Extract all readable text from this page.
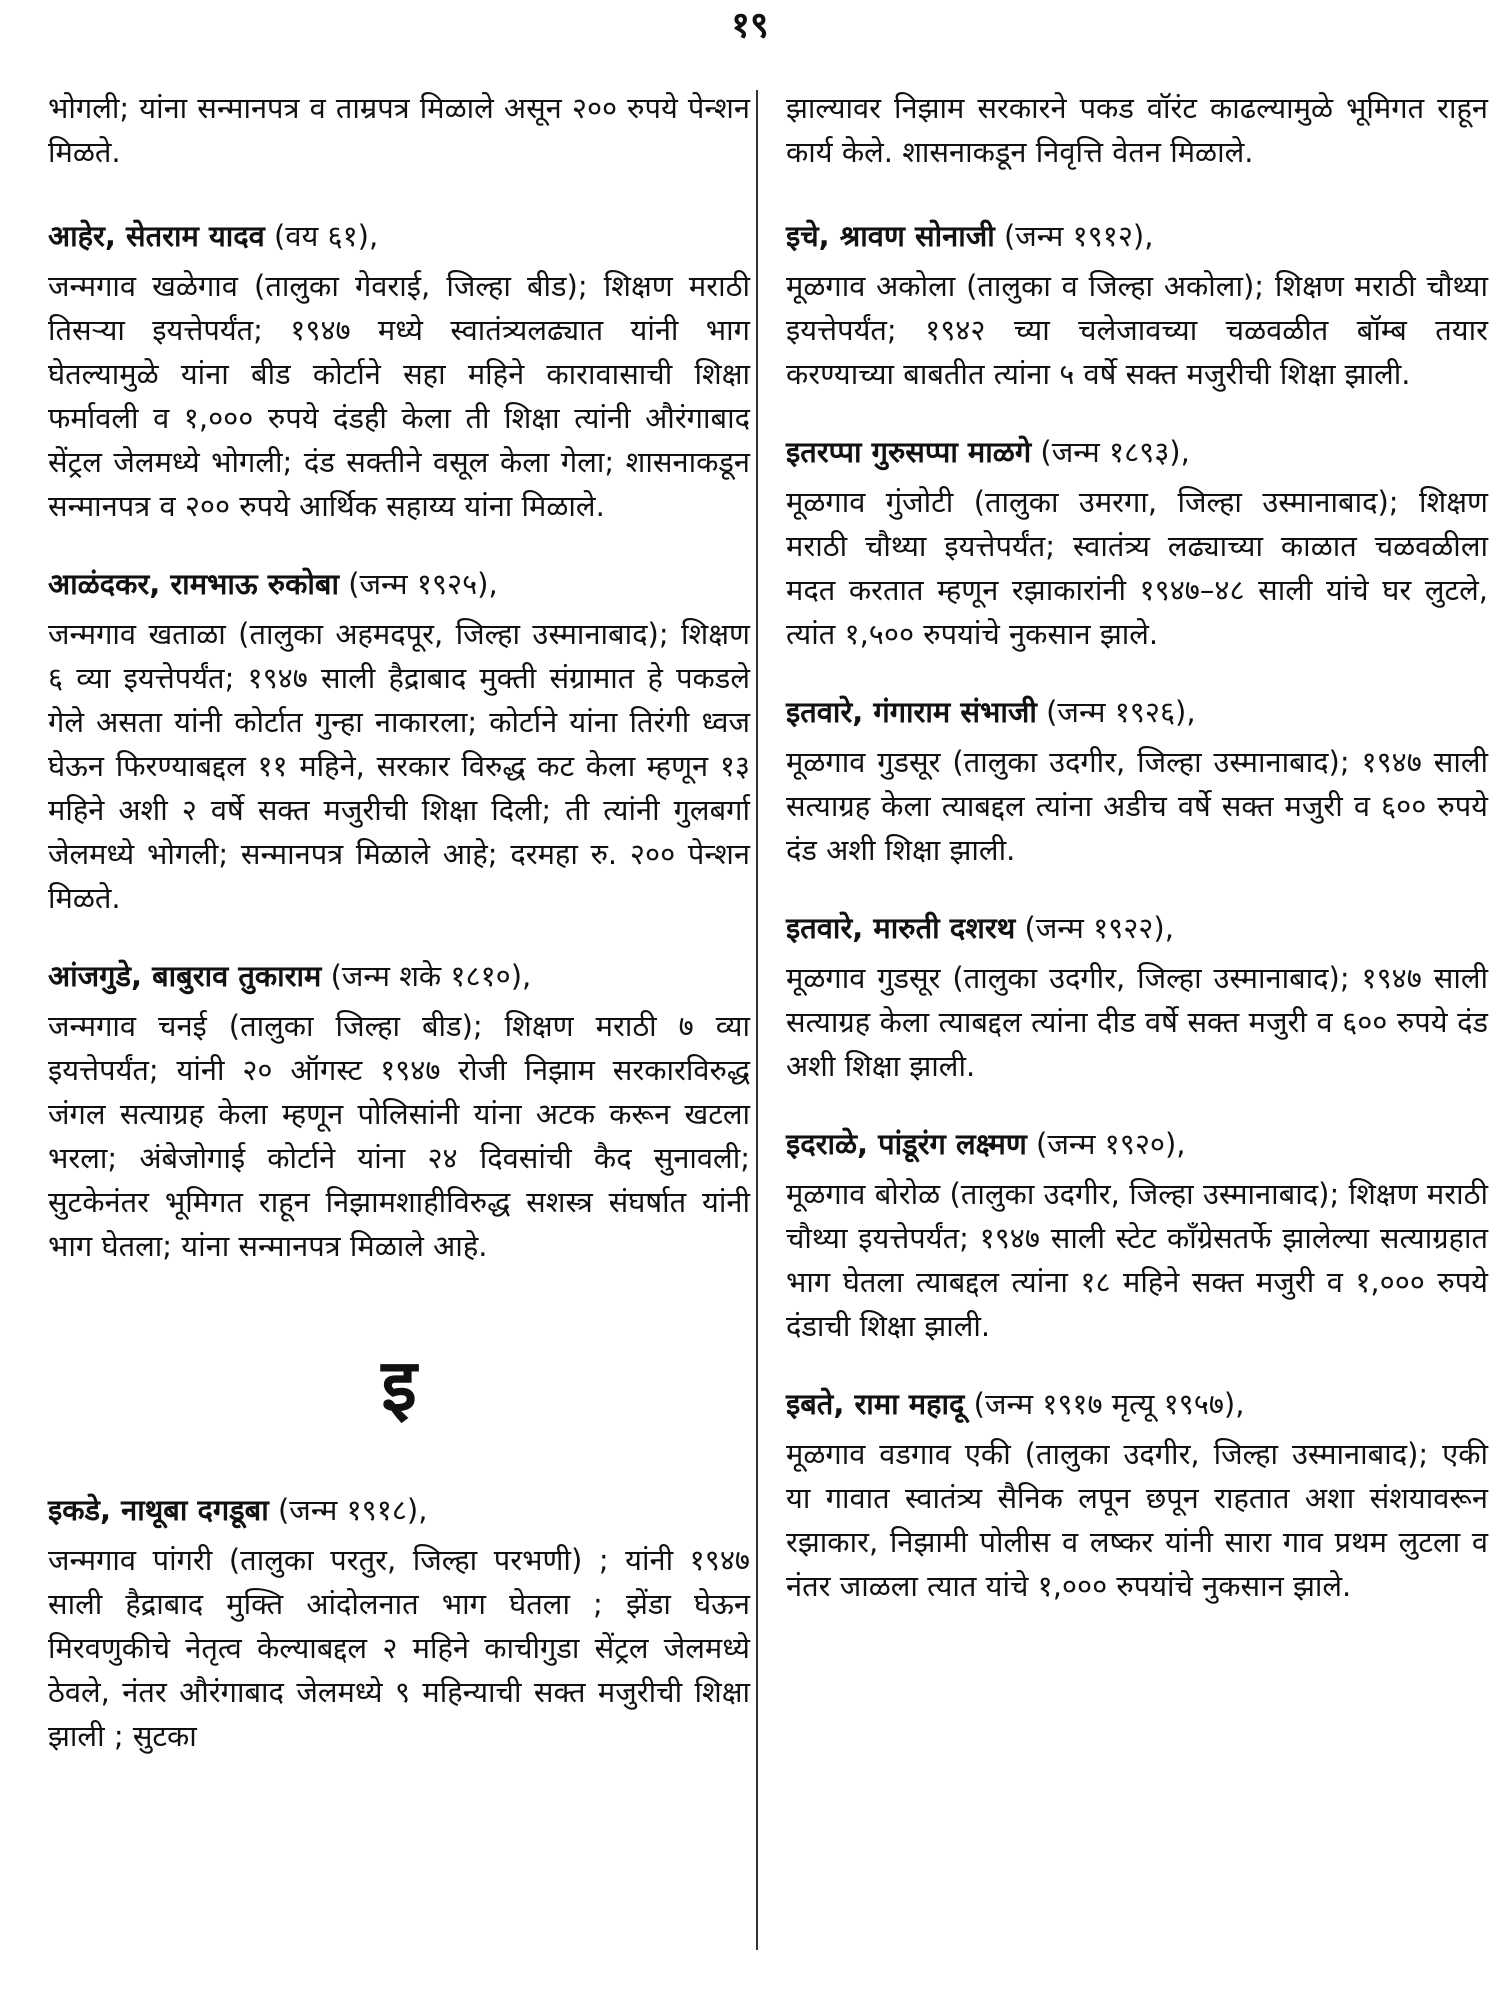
१९
भोगली; यांना सन्मानपत्र व ताम्रपत्र मिळाले असून २०० रुपये पेन्शन मिळते.
आहेर, सेतराम यादव (वय ६१),
जन्मगाव खळेगाव (तालुका गेवराई, जिल्हा बीड); शिक्षण मराठी तिसऱ्या इयत्तेपर्यंत; १९४७ मध्ये स्वातंत्र्यलढ्यात यांनी भाग घेतल्यामुळे यांना बीड कोर्टाने सहा महिने कारावासाची शिक्षा फर्मावली व १,००० रुपये दंडही केला ती शिक्षा त्यांनी औरंगाबाद सेंट्रल जेलमध्ये भोगली; दंड सक्तीने वसूल केला गेला; शासनाकडून सन्मानपत्र व २०० रुपये आर्थिक सहाय्य यांना मिळाले.
आळंदकर, रामभाऊ रुकोबा (जन्म १९२५),
जन्मगाव खताळा (तालुका अहमदपूर, जिल्हा उस्मानाबाद); शिक्षण ६ व्या इयत्तेपर्यंत; १९४७ साली हैद्राबाद मुक्ती संग्रामात हे पकडले गेले असता यांनी कोर्टात गुन्हा नाकारला; कोर्टाने यांना तिरंगी ध्वज घेऊन फिरण्याबद्दल ११ महिने, सरकार विरुद्ध कट केला म्हणून १३ महिने अशी २ वर्षे सक्त मजुरीची शिक्षा दिली; ती त्यांनी गुलबर्गा जेलमध्ये भोगली; सन्मानपत्र मिळाले आहे; दरमहा रु. २०० पेन्शन मिळते.
आंजगुडे, बाबुराव तुकाराम (जन्म शके १८१०),
जन्मगाव चनई (तालुका जिल्हा बीड); शिक्षण मराठी ७ व्या इयत्तेपर्यंत; यांनी २० ऑगस्ट १९४७ रोजी निझाम सरकारविरुद्ध जंगल सत्याग्रह केला म्हणून पोलिसांनी यांना अटक करून खटला भरला; अंबेजोगाई कोर्टाने यांना २४ दिवसांची कैद सुनावली; सुटकेनंतर भूमिगत राहून निझामशाहीविरुद्ध सशस्त्र संघर्षात यांनी भाग घेतला; यांना सन्मानपत्र मिळाले आहे.
इ
इकडे, नाथूबा दगडूबा (जन्म १९१८),
जन्मगाव पांगरी (तालुका परतुर, जिल्हा परभणी) ; यांनी १९४७ साली हैद्राबाद मुक्ति आंदोलनात भाग घेतला ; झेंडा घेऊन मिरवणुकीचे नेतृत्व केल्याबद्दल २ महिने काचीगुडा सेंट्रल जेलमध्ये ठेवले, नंतर औरंगाबाद जेलमध्ये ९ महिन्याची सक्त मजुरीची शिक्षा झाली ; सुटका
झाल्यावर निझाम सरकारने पकड वॉरंट काढल्यामुळे भूमिगत राहून कार्य केले. शासनाकडून निवृत्ति वेतन मिळाले.
इचे, श्रावण सोनाजी (जन्म १९१२),
मूळगाव अकोला (तालुका व जिल्हा अकोला); शिक्षण मराठी चौथ्या इयत्तेपर्यंत; १९४२ च्या चलेजावच्या चळवळीत बॉम्ब तयार करण्याच्या बाबतीत त्यांना ५ वर्षे सक्त मजुरीची शिक्षा झाली.
इतरप्पा गुरुसप्पा माळगे (जन्म १८९३),
मूळगाव गुंजोटी (तालुका उमरगा, जिल्हा उस्मानाबाद); शिक्षण मराठी चौथ्या इयत्तेपर्यंत; स्वातंत्र्य लढ्याच्या काळात चळवळीला मदत करतात म्हणून रझाकारांनी १९४७–४८ साली यांचे घर लुटले, त्यांत १,५०० रुपयांचे नुकसान झाले.
इतवारे, गंगाराम संभाजी (जन्म १९२६),
मूळगाव गुडसूर (तालुका उदगीर, जिल्हा उस्मानाबाद); १९४७ साली सत्याग्रह केला त्याबद्दल त्यांना अडीच वर्षे सक्त मजुरी व ६०० रुपये दंड अशी शिक्षा झाली.
इतवारे, मारुती दशरथ (जन्म १९२२),
मूळगाव गुडसूर (तालुका उदगीर, जिल्हा उस्मानाबाद); १९४७ साली सत्याग्रह केला त्याबद्दल त्यांना दीड वर्षे सक्त मजुरी व ६०० रुपये दंड अशी शिक्षा झाली.
इदराळे, पांडूरंग लक्ष्मण (जन्म १९२०),
मूळगाव बोरोळ (तालुका उदगीर, जिल्हा उस्मानाबाद); शिक्षण मराठी चौथ्या इयत्तेपर्यंत; १९४७ साली स्टेट कॉंग्रेसतर्फे झालेल्या सत्याग्रहात भाग घेतला त्याबद्दल त्यांना १८ महिने सक्त मजुरी व १,००० रुपये दंडाची शिक्षा झाली.
इबते, रामा महादू (जन्म १९१७ मृत्यू १९५७),
मूळगाव वडगाव एकी (तालुका उदगीर, जिल्हा उस्मानाबाद); एकी या गावात स्वातंत्र्य सैनिक लपून छपून राहतात अशा संशयावरून रझाकार, निझामी पोलीस व लष्कर यांनी सारा गाव प्रथम लुटला व नंतर जाळला त्यात यांचे १,००० रुपयांचे नुकसान झाले.
